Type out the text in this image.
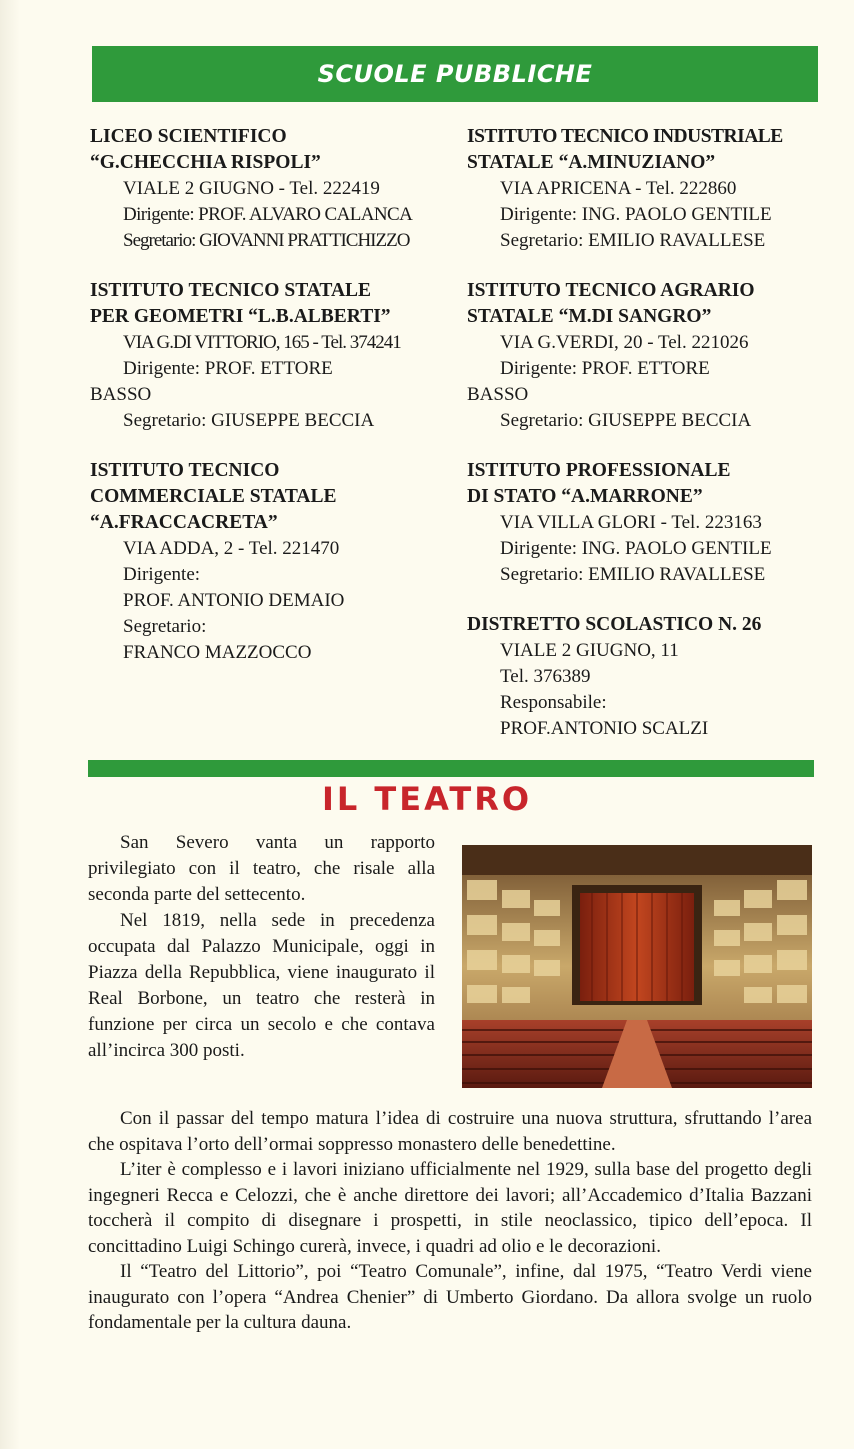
SCUOLE PUBBLICHE
LICEO SCIENTIFICO
“G.CHECCHIA RISPOLI”
VIALE 2 GIUGNO - Tel. 222419
Dirigente: PROF. ALVARO CALANCA
Segretario: GIOVANNI PRATTICHIZZO
ISTITUTO TECNICO STATALE
PER GEOMETRI “L.B.ALBERTI”
VIA G.DI VITTORIO, 165 - Tel. 374241
Dirigente: PROF. ETTORE
BASSO
Segretario: GIUSEPPE BECCIA
ISTITUTO TECNICO
COMMERCIALE STATALE
“A.FRACCACRETA”
VIA ADDA, 2 - Tel. 221470
Dirigente:
PROF. ANTONIO DEMAIO
Segretario:
FRANCO MAZZOCCO
ISTITUTO TECNICO INDUSTRIALE
STATALE “A.MINUZIANO”
VIA APRICENA - Tel. 222860
Dirigente: ING. PAOLO GENTILE
Segretario: EMILIO RAVALLESE
ISTITUTO TECNICO AGRARIO
STATALE “M.DI SANGRO”
VIA G.VERDI, 20 - Tel. 221026
Dirigente: PROF. ETTORE
BASSO
Segretario: GIUSEPPE BECCIA
ISTITUTO PROFESSIONALE
DI STATO “A.MARRONE”
VIA VILLA GLORI - Tel. 223163
Dirigente: ING. PAOLO GENTILE
Segretario: EMILIO RAVALLESE
DISTRETTO SCOLASTICO N. 26
VIALE 2 GIUGNO, 11
Tel. 376389
Responsabile:
PROF.ANTONIO SCALZI
IL TEATRO

San Severo vanta un rapporto privilegiato con il teatro, che risale alla seconda parte del settecento.

Nel 1819, nella sede in precedenza occupata dal Palazzo Municipale, oggi in Piazza della Repubblica, viene inaugurato il Real Borbone, un teatro che resterà in funzione per circa un secolo e che contava all’incirca 300 posti.

Con il passar del tempo matura l’idea di costruire una nuova struttura, sfruttando l’area che ospitava l’orto dell’ormai soppresso monastero delle benedettine.

L’iter è complesso e i lavori iniziano ufficialmente nel 1929, sulla base del progetto degli ingegneri Recca e Celozzi, che è anche direttore dei lavori; all’Accademico d’Italia Bazzani toccherà il compito di disegnare i prospetti, in stile neoclassico, tipico dell’epoca. Il concittadino Luigi Schingo curerà, invece, i quadri ad olio e le decorazioni.

Il “Teatro del Littorio”, poi “Teatro Comunale”, infine, dal 1975, “Teatro Verdi viene inaugurato con l’opera “Andrea Chenier” di Umberto Giordano. Da allora svolge un ruolo fondamentale per la cultura dauna.
